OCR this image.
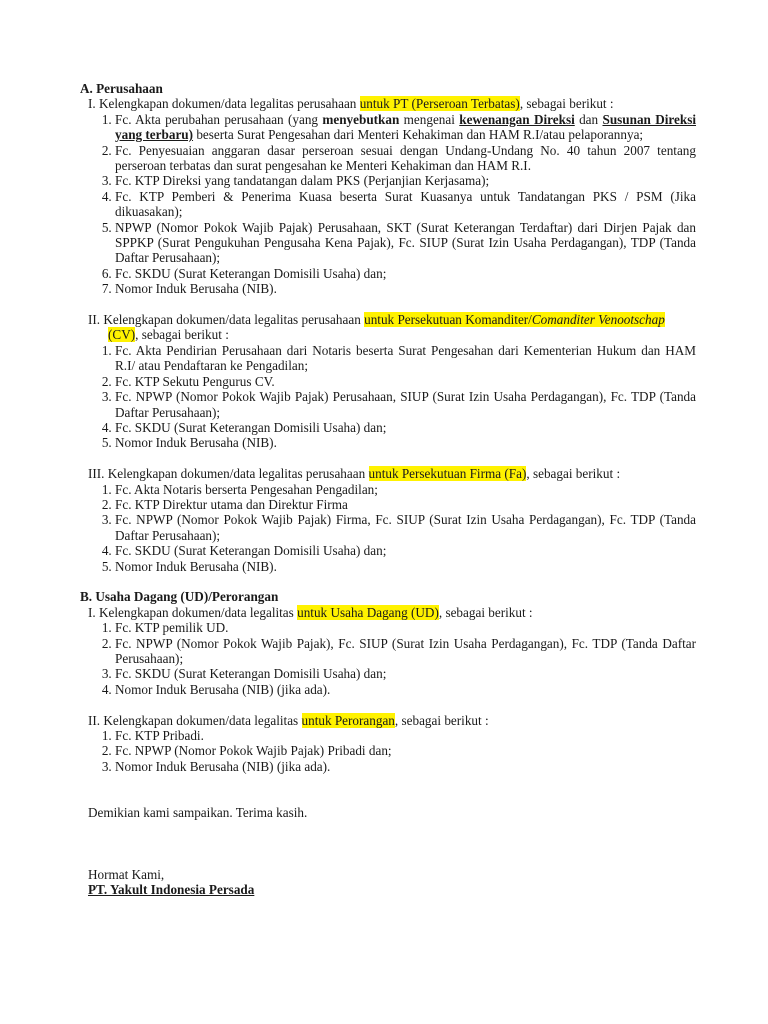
A. Perusahaan

I. Kelengkapan dokumen/data legalitas perusahaan untuk PT (Perseroan Terbatas), sebagai berikut :

1. Fc. Akta perubahan perusahaan (yang menyebutkan mengenai kewenangan Direksi dan Susunan Direksi yang terbaru) beserta Surat Pengesahan dari Menteri Kehakiman dan HAM R.I/atau pelaporannya;
2. Fc. Penyesuaian anggaran dasar perseroan sesuai dengan Undang-Undang No. 40 tahun 2007 tentang perseroan terbatas dan surat pengesahan ke Menteri Kehakiman dan HAM R.I.
3. Fc. KTP Direksi yang tandatangan dalam PKS (Perjanjian Kerjasama);
4. Fc. KTP Pemberi & Penerima Kuasa beserta Surat Kuasanya untuk Tandatangan PKS / PSM (Jika dikuasakan);
5. NPWP (Nomor Pokok Wajib Pajak) Perusahaan, SKT (Surat Keterangan Terdaftar) dari Dirjen Pajak dan SPPKP (Surat Pengukuhan Pengusaha Kena Pajak), Fc. SIUP (Surat Izin Usaha Perdagangan), TDP (Tanda Daftar Perusahaan);
6. Fc. SKDU (Surat Keterangan Domisili Usaha) dan;
7. Nomor Induk Berusaha (NIB).

II. Kelengkapan dokumen/data legalitas perusahaan untuk Persekutuan Komanditer/Comanditer Venootschap (CV), sebagai berikut :

1. Fc. Akta Pendirian Perusahaan dari Notaris beserta Surat Pengesahan dari Kementerian Hukum dan HAM R.I/ atau Pendaftaran ke Pengadilan;
2. Fc. KTP Sekutu Pengurus CV.
3. Fc. NPWP (Nomor Pokok Wajib Pajak) Perusahaan, SIUP (Surat Izin Usaha Perdagangan), Fc. TDP (Tanda Daftar Perusahaan);
4. Fc. SKDU (Surat Keterangan Domisili Usaha) dan;
5. Nomor Induk Berusaha (NIB).

III. Kelengkapan dokumen/data legalitas perusahaan untuk Persekutuan Firma (Fa), sebagai berikut :

1. Fc. Akta Notaris berserta Pengesahan Pengadilan;
2. Fc. KTP Direktur utama dan Direktur Firma
3. Fc. NPWP (Nomor Pokok Wajib Pajak) Firma, Fc. SIUP (Surat Izin Usaha Perdagangan), Fc. TDP (Tanda Daftar Perusahaan);
4. Fc. SKDU (Surat Keterangan Domisili Usaha) dan;
5. Nomor Induk Berusaha (NIB).

B. Usaha Dagang (UD)/Perorangan

I. Kelengkapan dokumen/data legalitas untuk Usaha Dagang (UD), sebagai berikut :

1. Fc. KTP pemilik UD.
2. Fc. NPWP (Nomor Pokok Wajib Pajak), Fc. SIUP (Surat Izin Usaha Perdagangan), Fc. TDP (Tanda Daftar Perusahaan);
3. Fc. SKDU (Surat Keterangan Domisili Usaha) dan;
4. Nomor Induk Berusaha (NIB) (jika ada).

II. Kelengkapan dokumen/data legalitas untuk Perorangan, sebagai berikut :

1. Fc. KTP Pribadi.
2. Fc. NPWP (Nomor Pokok Wajib Pajak) Pribadi dan;
3. Nomor Induk Berusaha (NIB) (jika ada).

Demikian kami sampaikan. Terima kasih.

Hormat Kami,

PT. Yakult Indonesia Persada
